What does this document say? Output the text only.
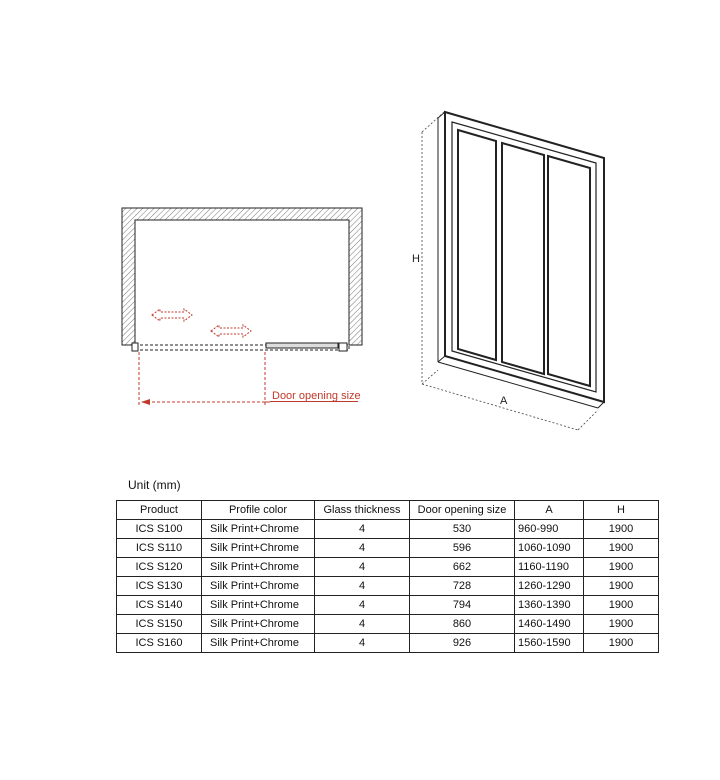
Door opening size
H
A
Unit (mm)
Product	Profile color	Glass thickness	Door opening size	A	H
ICS S100	Silk Print+Chrome	4	530	960-990	1900
ICS S110	Silk Print+Chrome	4	596	1060-1090	1900
ICS S120	Silk Print+Chrome	4	662	1160-1190	1900
ICS S130	Silk Print+Chrome	4	728	1260-1290	1900
ICS S140	Silk Print+Chrome	4	794	1360-1390	1900
ICS S150	Silk Print+Chrome	4	860	1460-1490	1900
ICS S160	Silk Print+Chrome	4	926	1560-1590	1900
